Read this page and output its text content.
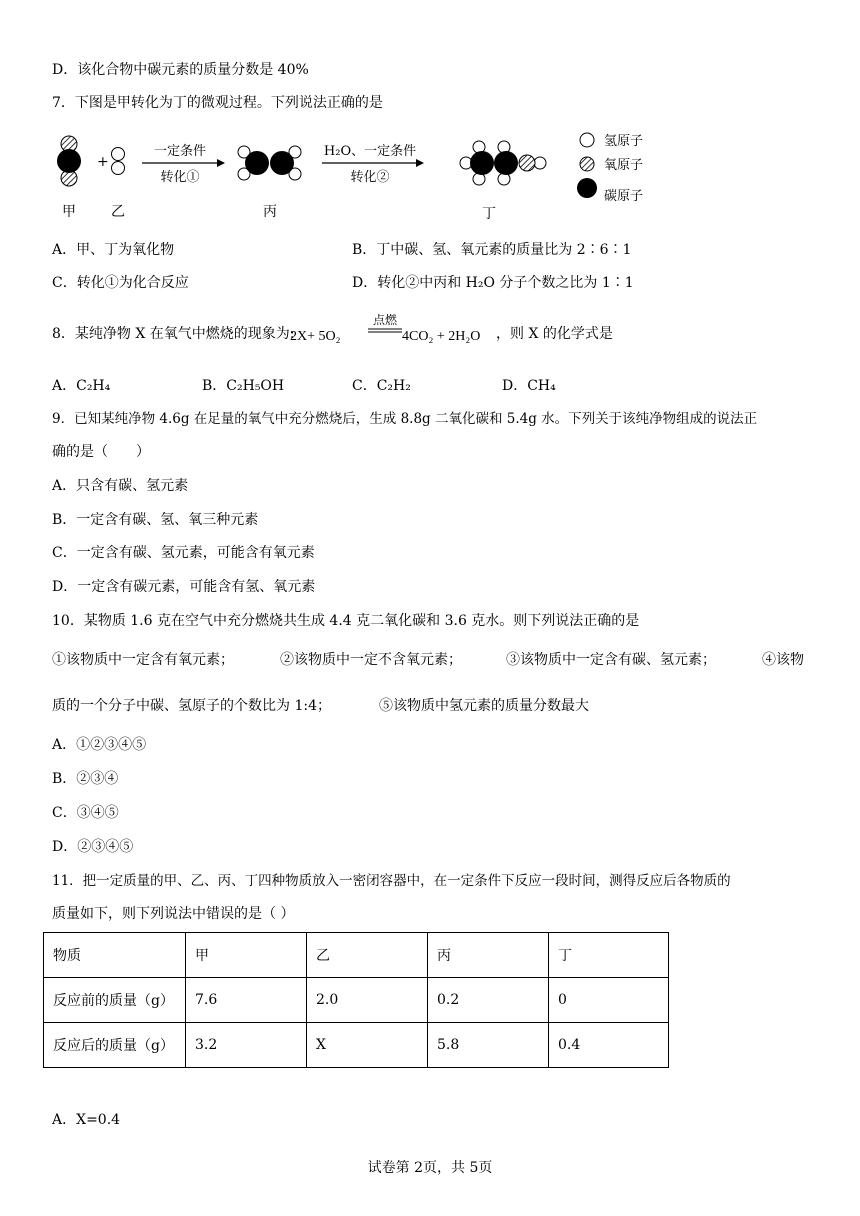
D．该化合物中碳元素的质量分数是 40%
7．下图是甲转化为丁的微观过程。下列说法正确的是
+
一定条件
转化①
H₂O、一定条件
转化②
甲	乙	丙	丁
氢原子
氧原子
碳原子
A．甲、丁为氧化物	B．丁中碳、氢、氧元素的质量比为 2∶6∶1
C．转化①为化合反应	D．转化②中丙和 H₂O 分子个数之比为 1∶1
8．某纯净物 X 在氧气中燃烧的现象为:
2X+ 5O₂
点燃
4CO₂ + 2H₂O ，则 X 的化学式是
A．C₂H₄	B．C₂H₅OH	C．C₂H₂	D．CH₄
9．已知某纯净物 4.6g 在足量的氧气中充分燃烧后，生成 8.8g 二氧化碳和 5.4g 水。下列关于该纯净物组成的说法正
确的是（　　）
A．只含有碳、氢元素
B．一定含有碳、氢、氧三种元素
C．一定含有碳、氢元素，可能含有氧元素
D．一定含有碳元素，可能含有氢、氧元素
10．某物质 1.6 克在空气中充分燃烧共生成 4.4 克二氧化碳和 3.6 克水。则下列说法正确的是
①该物质中一定含有氧元素；	②该物质中一定不含氧元素；	③该物质中一定含有碳、氢元素；	④该物
质的一个分子中碳、氢原子的个数比为 1:4；	⑤该物质中氢元素的质量分数最大
A．①②③④⑤
B．②③④
C．③④⑤
D．②③④⑤
11．把一定质量的甲、乙、丙、丁四种物质放入一密闭容器中，在一定条件下反应一段时间，测得反应后各物质的
质量如下，则下列说法中错误的是（ ）
物质	甲	乙	丙	丁
反应前的质量（g）	7.6	2.0	0.2	0
反应后的质量（g）	3.2	X	5.8	0.4
A．X=0.4
试卷第 2页，共 5页
